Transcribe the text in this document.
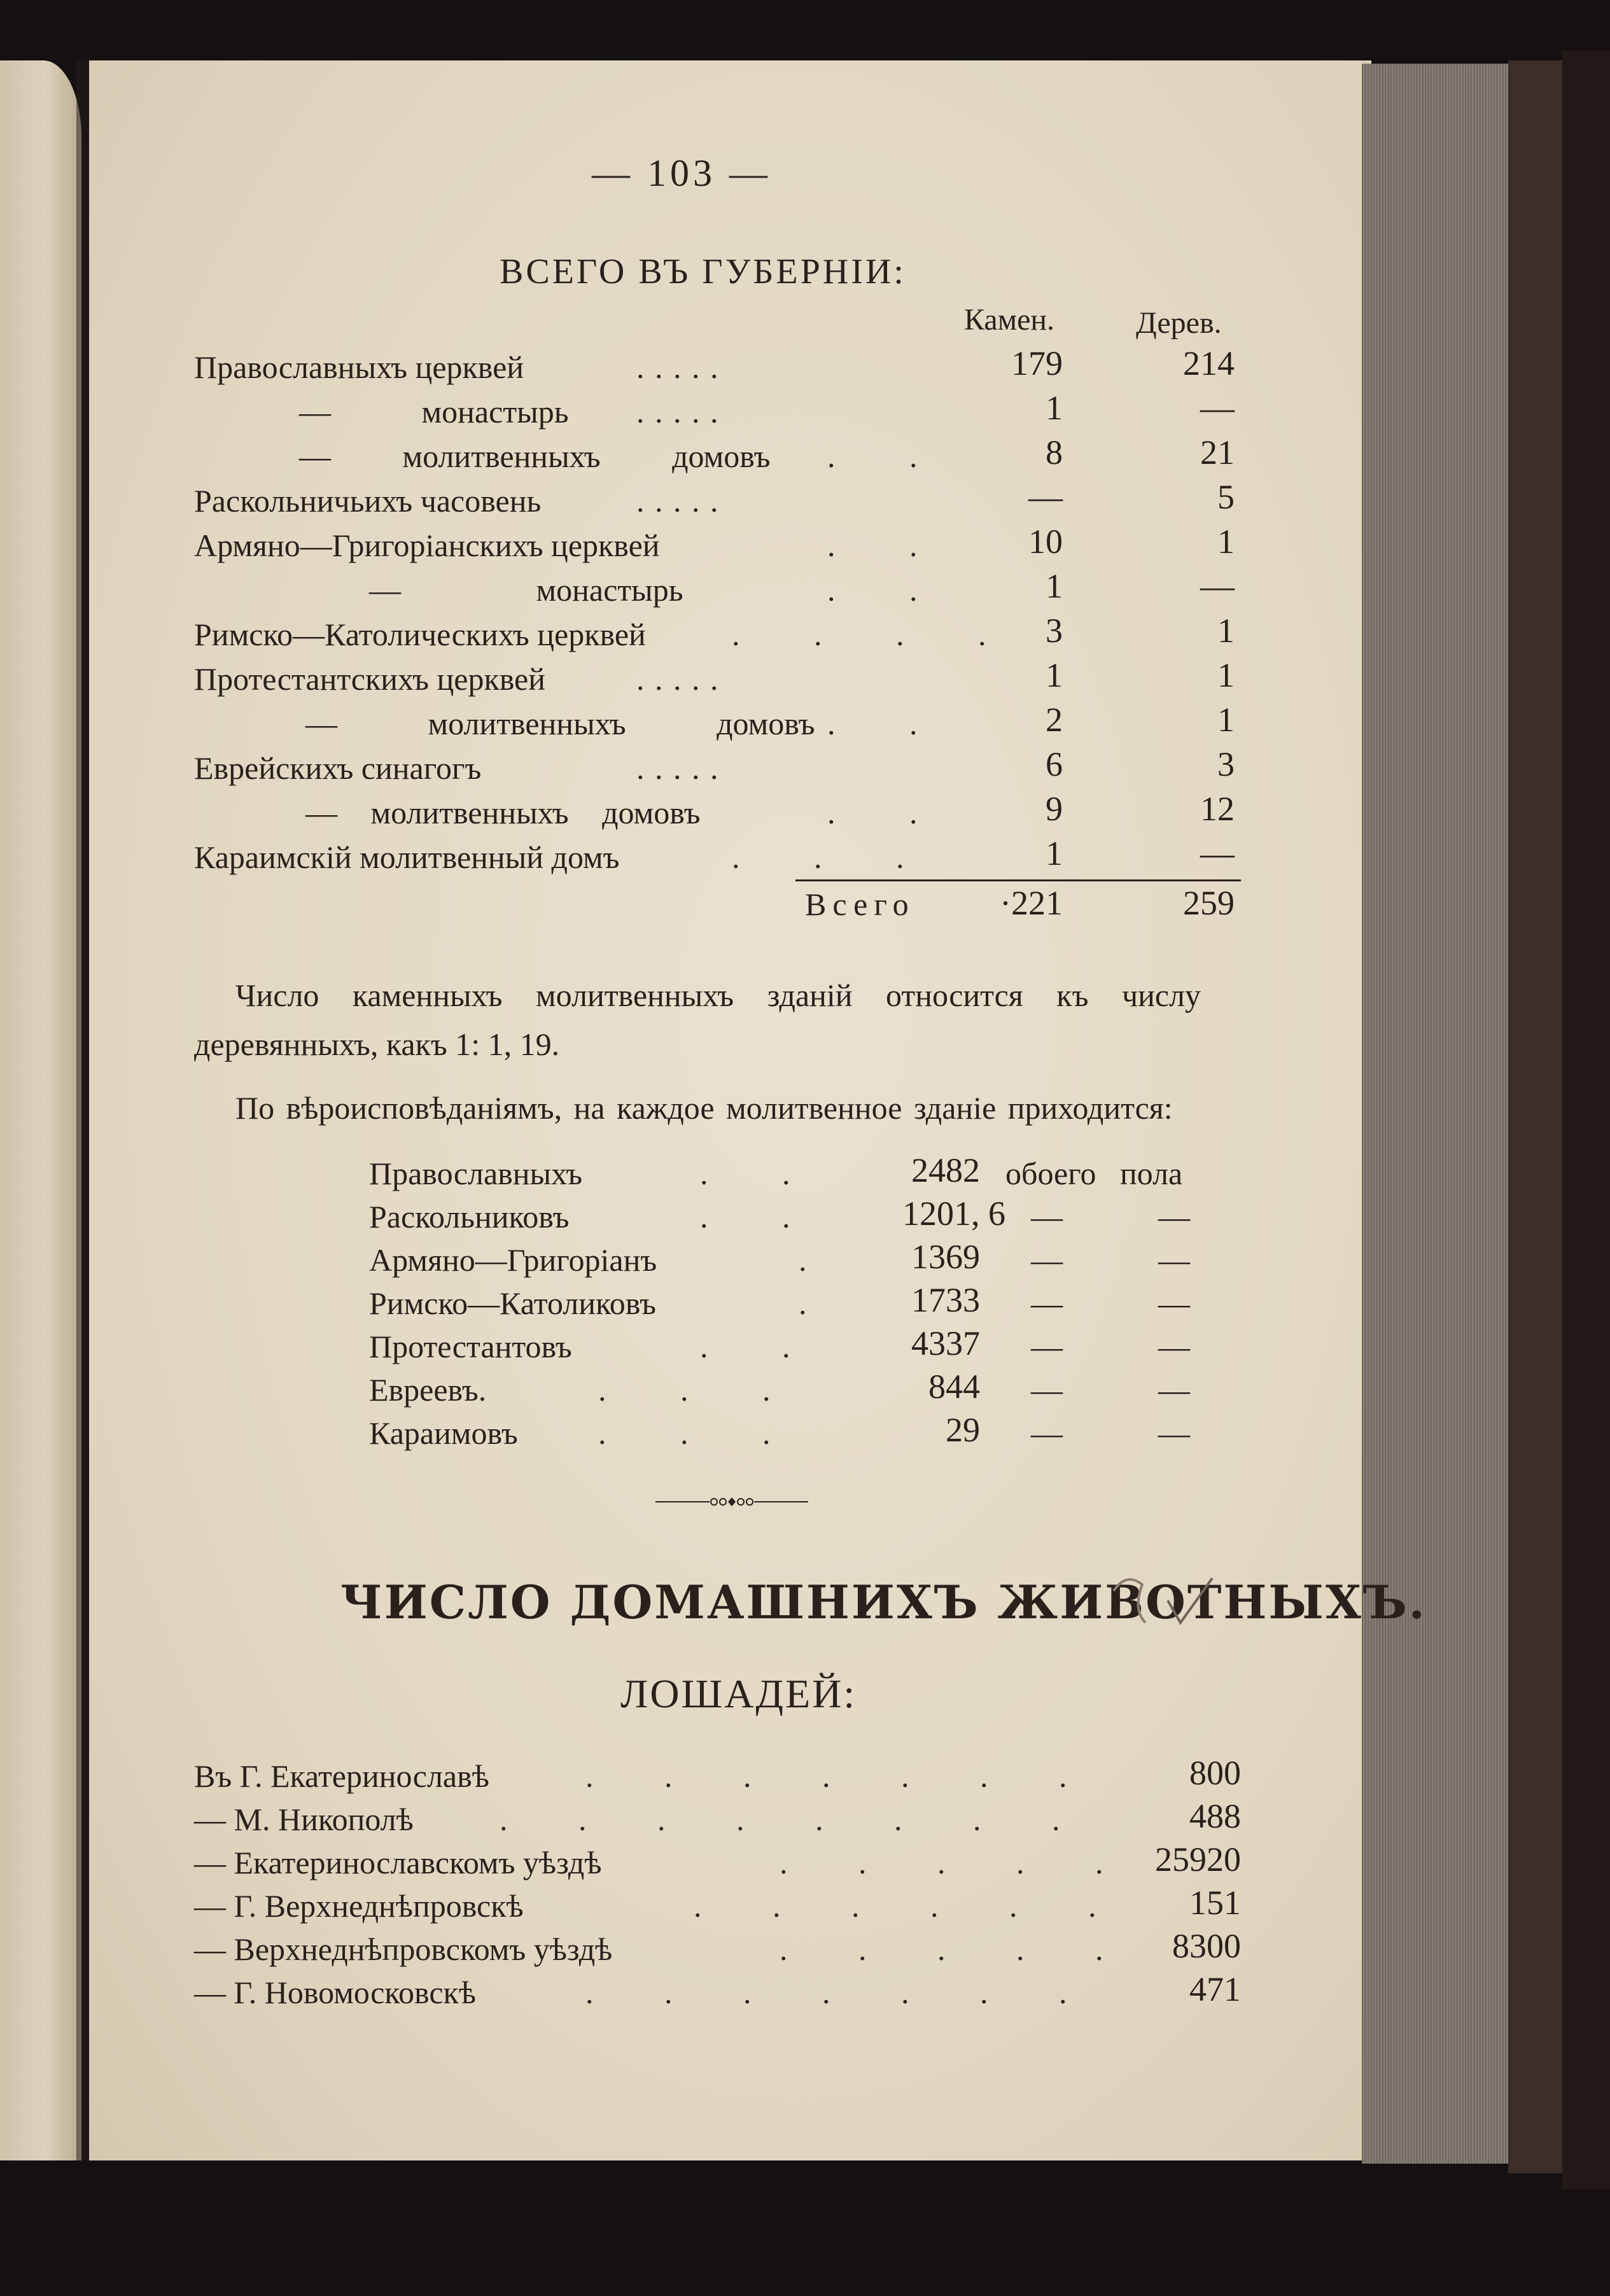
— 103 —
ВСЕГО ВЪ ГУБЕРНІИ:
Камен.	Дерев.
Православныхъ церквей	. . . . .	179	214
— монастырь . . . . .	1	—
— молитвенныхъ домовъ . .	8	21
Раскольничьихъ часовень	. . . . .	—	5
Армяно—Григоріанскихъ церквей	. .	10	1
— монастырь	. .	1	—
Римско—Католическихъ церквей	. . . .	3	1
Протестантскихъ церквей	. . . . .	1	1
— молитвенныхъ домовъ . .	2	1
Еврейскихъ синагогъ	. . . . .	6	3
— молитвенныхъ домовъ	. .	9	12
Караимскій молитвенный домъ	. . .	1	—
Всего	·221	259
Число каменныхъ молитвенныхъ зданій относится къ числу
деревянныхъ, какъ 1: 1, 19.
По вѣроисповѣданіямъ, на каждое молитвенное зданіе приходится:
Православныхъ	. .	2482 обоего пола
Раскольниковъ	. .	1201, 6 —	—
Армяно—Григоріанъ	.	1369 —	—
Римско—Католиковъ	.	1733 —	—
Протестантовъ	. .	4337 —	—
Евреевъ.	. . .	844 —	—
Караимовъ	. . .	29 —	—
ЧИСЛО ДОМАШНИХЪ ЖИВОТНЫХЪ.
ЛОШАДЕЙ:
Въ Г. Екатеринославѣ	. . . . . . .	800
— М. Никополѣ	. . . . . . . .	488
— Екатеринославскомъ уѣздѣ	. . . . .	25920
— Г. Верхнеднѣпровскѣ	. . . . . .	151
— Верхнеднѣпровскомъ уѣздѣ	. . . . .	8300
— Г. Новомосковскѣ	. . . . . . .	471
